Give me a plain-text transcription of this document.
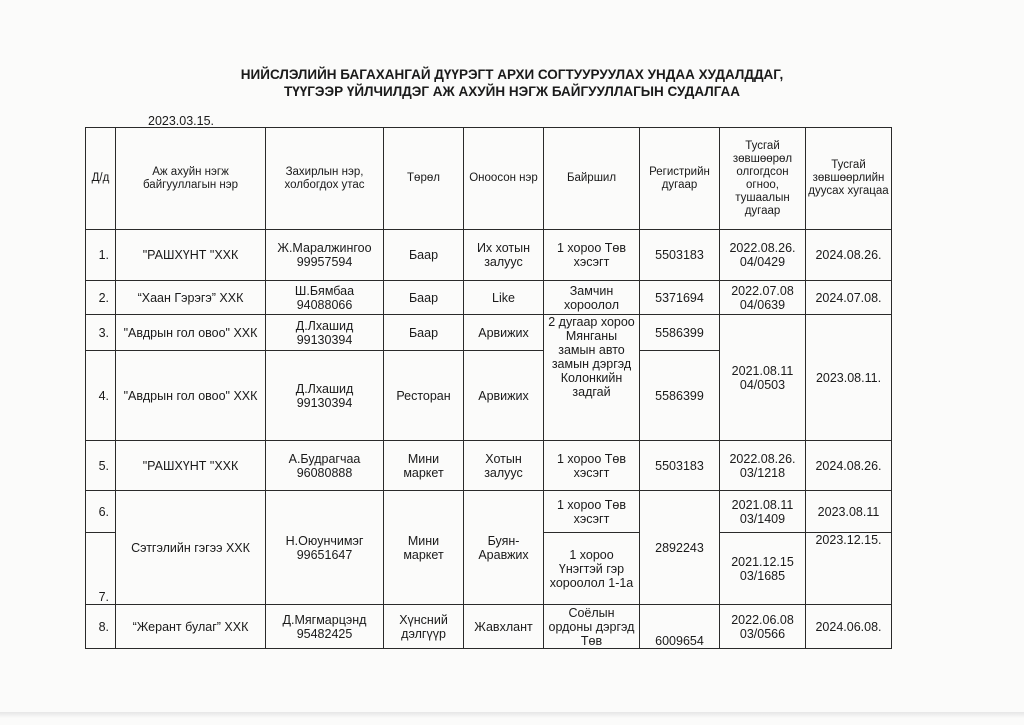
НИЙСЛЭЛИЙН БАГАХАНГАЙ ДҮҮРЭГТ АРХИ СОГТУУРУУЛАХ УНДАА ХУДАЛДДАГ,
ТҮҮГЭЭР ҮЙЛЧИЛДЭГ АЖ АХУЙН НЭГЖ БАЙГУУЛЛАГЫН СУДАЛГАА
2023.03.15.
Д/д	Аж ахуйн нэгж байгууллагын нэр	Захирлын нэр, холбогдох утас	Төрөл	Оноосон нэр	Байршил	Регистрийн дугаар	Тусгай зөвшөөрөл олгогдсон огноо, тушаалын дугаар	Тусгай зөвшөөрлийн дуусах хугацаа
1.	"РАШХҮНТ "ХХК	Ж.Маралжингоо 99957594	Баар	Их хотын залуус	1 хороо Төв хэсэгт	5503183	2022.08.26. 04/0429	2024.08.26.
2.	“Хаан Гэрэгэ” ХХК	Ш.Бямбаа 94088066	Баар	Like	Замчин хороолол	5371694	2022.07.08 04/0639	2024.07.08.
3.	"Авдрын гол овоо" ХХК	Д.Лхашид 99130394	Баар	Арвижих	2 дугаар хороо Мянганы замын авто замын дэргэд Колонкийн задгай	5586399	2021.08.11 04/0503	2023.08.11.
4.	"Авдрын гол овоо" ХХК	Д.Лхашид 99130394	Ресторан	Арвижих		5586399		
5.	"РАШХҮНТ "ХХК	А.Будрагчаа 96080888	Мини маркет	Хотын залуус	1 хороо Төв хэсэгт	5503183	2022.08.26. 03/1218	2024.08.26.
6.	Сэтгэлийн гэгээ ХХК	Н.Оюунчимэг 99651647	Мини маркет	Буян-Аравжих	1 хороо Төв хэсэгт	2892243	2021.08.11 03/1409	2023.08.11
7.					1 хороо Үнэгтэй гэр хороолол 1-1а		2021.12.15 03/1685	2023.12.15.
8.	“Жерант булаг” ХХК	Д.Мягмарцэнд 95482425	Хүнсний дэлгүүр	Жавхлант	Соёлын ордоны дэргэд Төв	6009654	2022.06.08 03/0566	2024.06.08.
